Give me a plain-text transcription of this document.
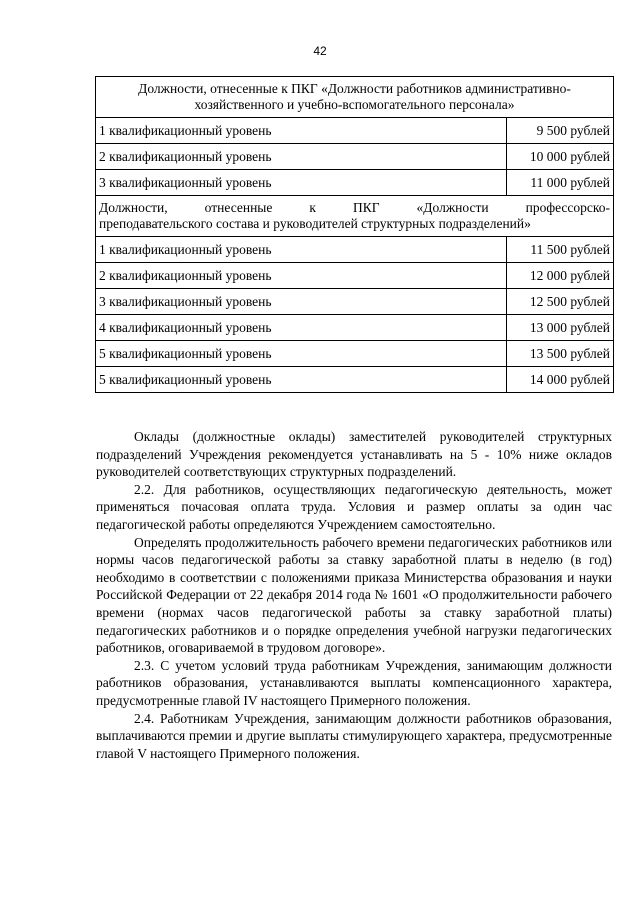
42
Должности, отнесенные к ПКГ «Должности работников административно-хозяйственного и учебно-вспомогательного персонала»	
1 квалификационный уровень	9 500 рублей
2 квалификационный уровень	10 000 рублей
3 квалификационный уровень	11 000 рублей

Должности, отнесенные к ПКГ «Должности профессорско-
преподавательского состава и руководителей структурных подразделений»	
1 квалификационный уровень	11 500 рублей
2 квалификационный уровень	12 000 рублей
3 квалификационный уровень	12 500 рублей
4 квалификационный уровень	13 000 рублей
5 квалификационный уровень	13 500 рублей
5 квалификационный уровень	14 000 рублей

Оклады (должностные оклады) заместителей руководителей структурных подразделений Учреждения рекомендуется устанавливать на 5 - 10% ниже окладов руководителей соответствующих структурных подразделений.

2.2. Для работников, осуществляющих педагогическую деятельность, может применяться почасовая оплата труда. Условия и размер оплаты за один час педагогической работы определяются Учреждением самостоятельно.

Определять продолжительность рабочего времени педагогических работников или нормы часов педагогической работы за ставку заработной платы в неделю (в год) необходимо в соответствии с положениями приказа Министерства образования и науки Российской Федерации от 22 декабря 2014 года № 1601 «О продолжительности рабочего времени (нормах часов педагогической работы за ставку заработной платы) педагогических работников и о порядке определения учебной нагрузки педагогических работников, оговариваемой в трудовом договоре».

2.3. С учетом условий труда работникам Учреждения, занимающим должности работников образования, устанавливаются выплаты компенсационного характера, предусмотренные главой IV настоящего Примерного положения.

2.4. Работникам Учреждения, занимающим должности работников образования, выплачиваются премии и другие выплаты стимулирующего характера, предусмотренные главой V настоящего Примерного положения.
